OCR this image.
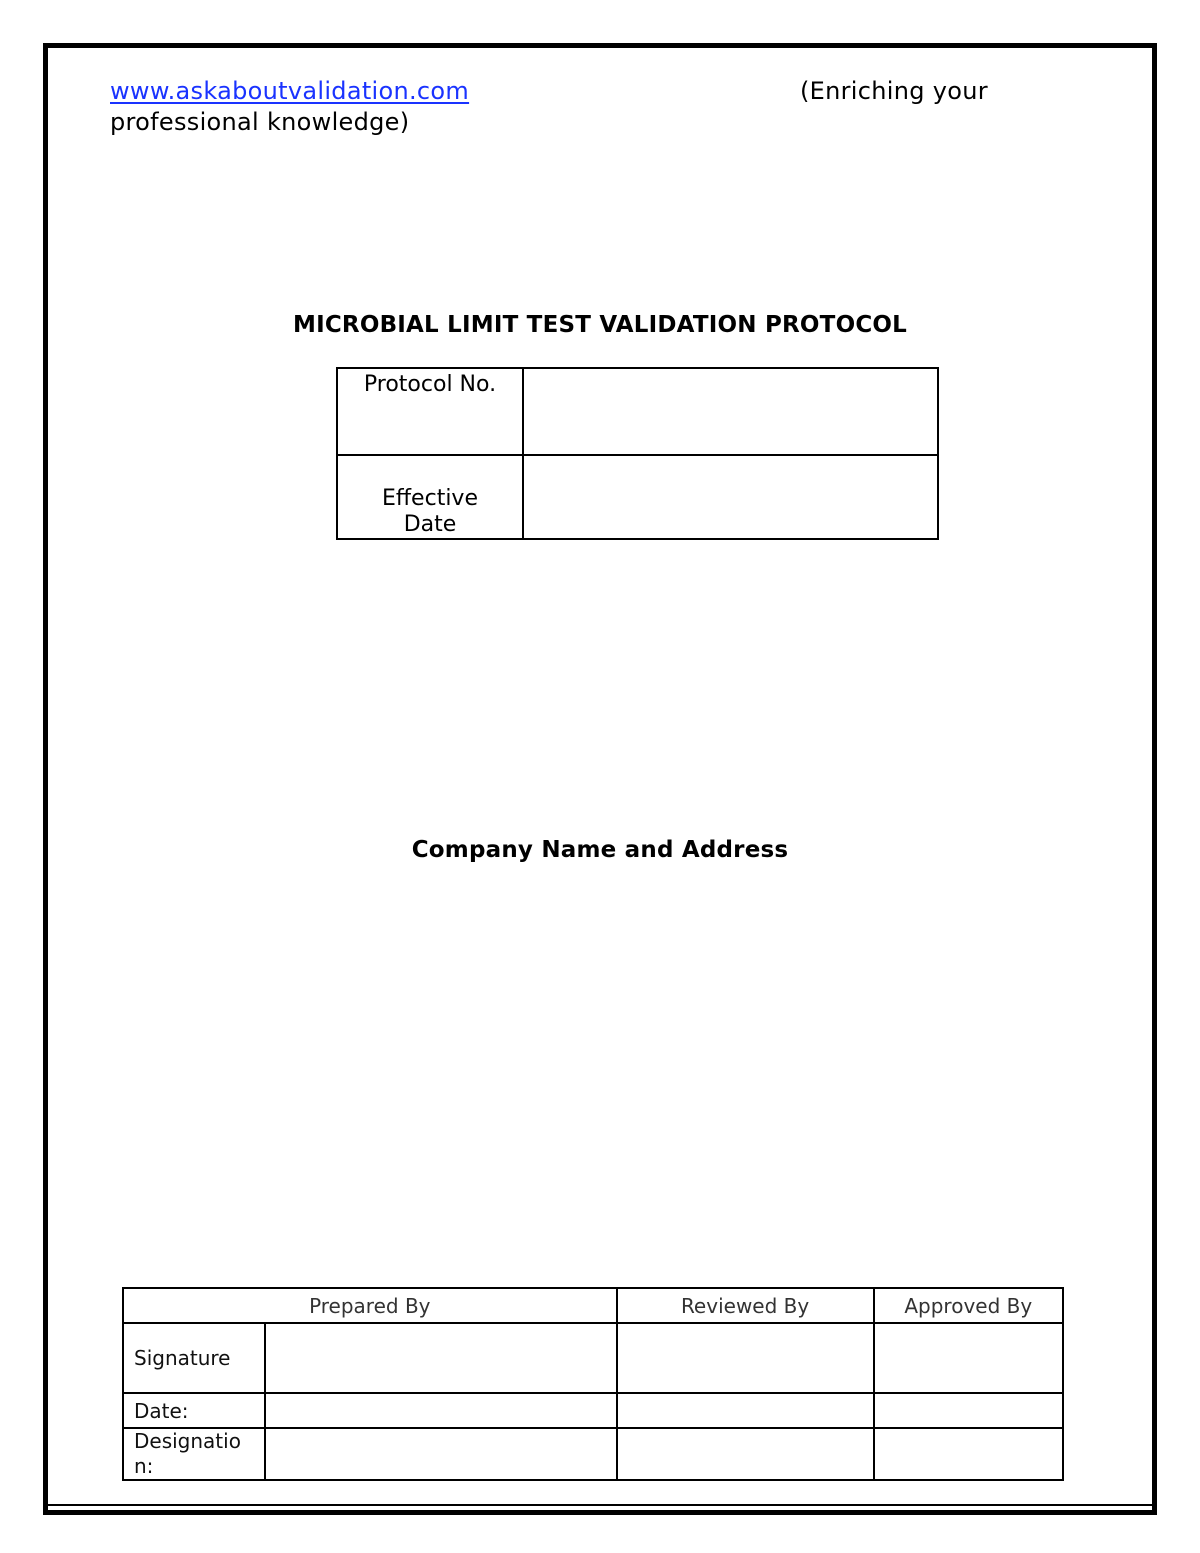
www.askaboutvalidation.com	(Enriching your
professional knowledge)
MICROBIAL LIMIT TEST VALIDATION PROTOCOL
Protocol No.	
Effective Date	
Company Name and Address
Prepared By		Reviewed By	Approved By
Signature			
Date:			
Designation:			
